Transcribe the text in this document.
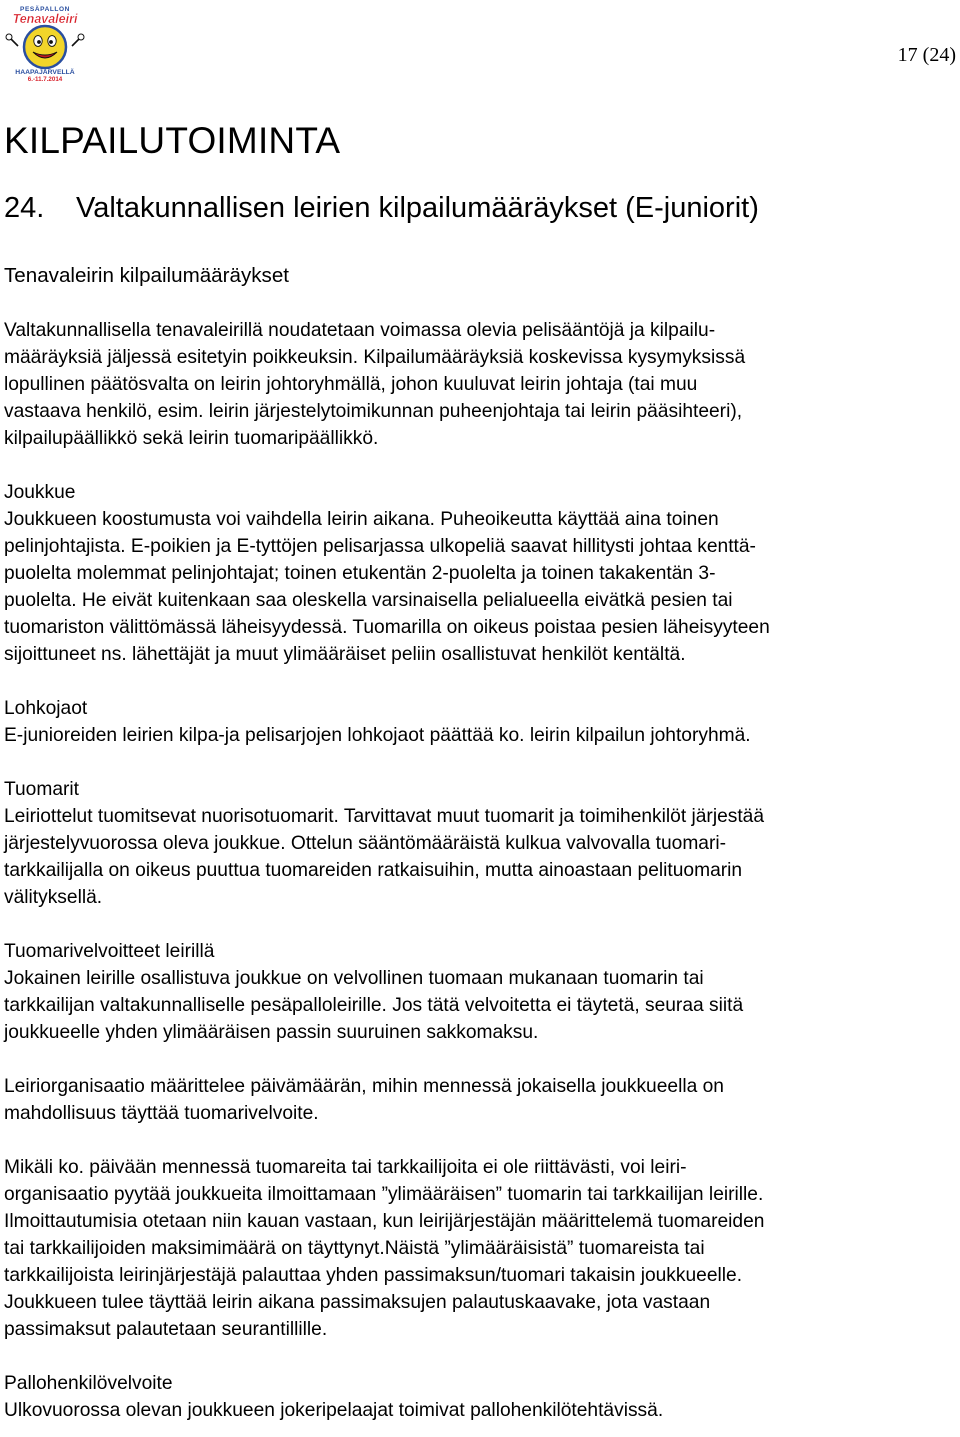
PESÄPALLON
Tenavaleiri
HAAPAJÄRVELLÄ
6.-11.7.2014
17 (24)
KILPAILUTOIMINTA
24. Valtakunnallisen leirien kilpailumääräykset (E-juniorit)
Tenavaleirin kilpailumääräykset

Valtakunnallisella tenavaleirillä noudatetaan voimassa olevia pelisääntöjä ja kilpailu-
määräyksiä jäljessä esitetyin poikkeuksin. Kilpailumääräyksiä koskevissa kysymyksissä
lopullinen päätösvalta on leirin johtoryhmällä, johon kuuluvat leirin johtaja (tai muu
vastaava henkilö, esim. leirin järjestelytoimikunnan puheenjohtaja tai leirin pääsihteeri),
kilpailupäällikkö sekä leirin tuomaripäällikkö.

Joukkue

Joukkueen koostumusta voi vaihdella leirin aikana. Puheoikeutta käyttää aina toinen
pelinjohtajista. E-poikien ja E-tyttöjen pelisarjassa ulkopeliä saavat hillitysti johtaa kenttä-
puolelta molemmat pelinjohtajat; toinen etukentän 2-puolelta ja toinen takakentän 3-
puolelta. He eivät kuitenkaan saa oleskella varsinaisella pelialueella eivätkä pesien tai
tuomariston välittömässä läheisyydessä. Tuomarilla on oikeus poistaa pesien läheisyyteen
sijoittuneet ns. lähettäjät ja muut ylimääräiset peliin osallistuvat henkilöt kentältä.

Lohkojaot

E-junioreiden leirien kilpa-ja pelisarjojen lohkojaot päättää ko. leirin kilpailun johtoryhmä.

Tuomarit

Leiriottelut tuomitsevat nuorisotuomarit. Tarvittavat muut tuomarit ja toimihenkilöt järjestää
järjestelyvuorossa oleva joukkue. Ottelun sääntömääräistä kulkua valvovalla tuomari-
tarkkailijalla on oikeus puuttua tuomareiden ratkaisuihin, mutta ainoastaan pelituomarin
välityksellä.

Tuomarivelvoitteet leirillä

Jokainen leirille osallistuva joukkue on velvollinen tuomaan mukanaan tuomarin tai
tarkkailijan valtakunnalliselle pesäpalloleirille. Jos tätä velvoitetta ei täytetä, seuraa siitä
joukkueelle yhden ylimääräisen passin suuruinen sakkomaksu.

Leiriorganisaatio määrittelee päivämäärän, mihin mennessä jokaisella joukkueella on
mahdollisuus täyttää tuomarivelvoite.

Mikäli ko. päivään mennessä tuomareita tai tarkkailijoita ei ole riittävästi, voi leiri-
organisaatio pyytää joukkueita ilmoittamaan ”ylimääräisen” tuomarin tai tarkkailijan leirille.
Ilmoittautumisia otetaan niin kauan vastaan, kun leirijärjestäjän määrittelemä tuomareiden
tai tarkkailijoiden maksimimäärä on täyttynyt.Näistä ”ylimääräisistä” tuomareista tai
tarkkailijoista leirinjärjestäjä palauttaa yhden passimaksun/tuomari takaisin joukkueelle.
Joukkueen tulee täyttää leirin aikana passimaksujen palautuskaavake, jota vastaan
passimaksut palautetaan seurantillille.

Pallohenkilövelvoite

Ulkovuorossa olevan joukkueen jokeripelaajat toimivat pallohenkilötehtävissä.
